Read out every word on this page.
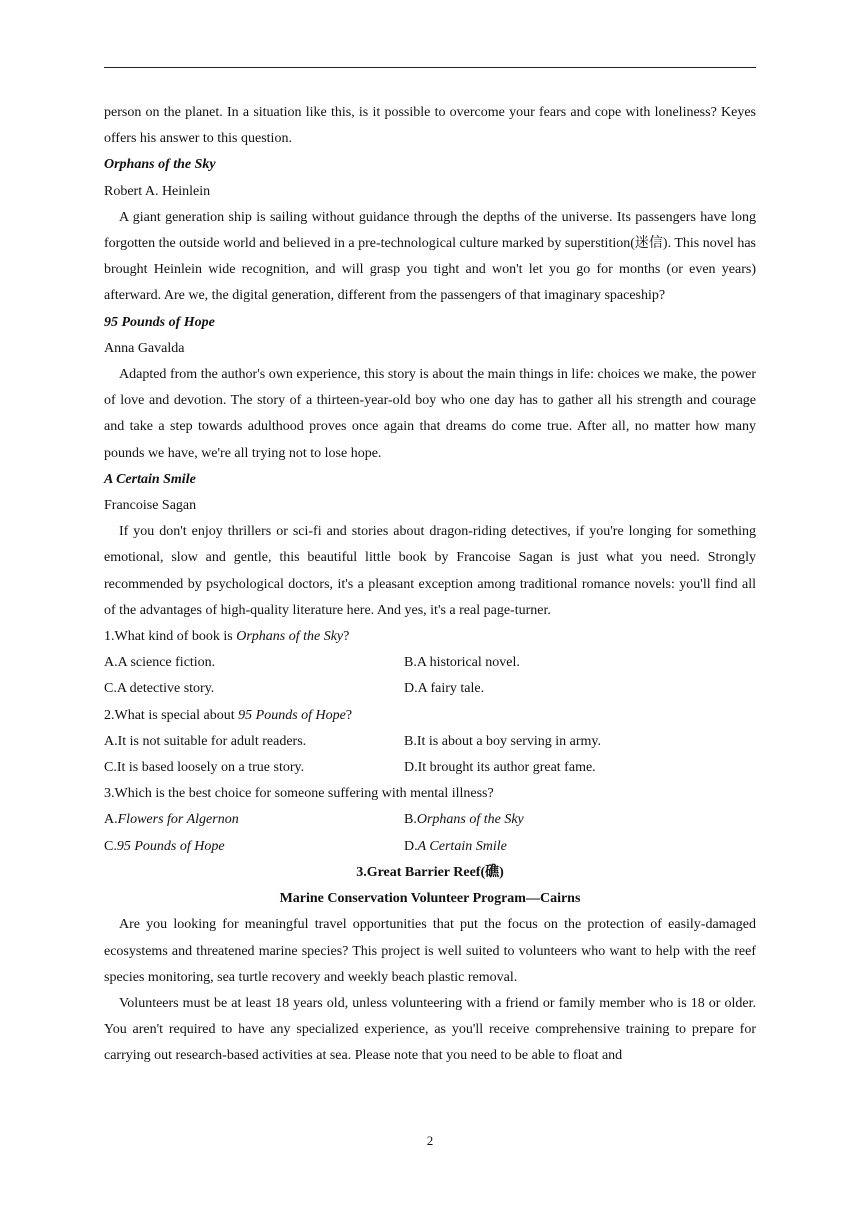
person on the planet. In a situation like this, is it possible to overcome your fears and cope with loneliness? Keyes offers his answer to this question.

Orphans of the Sky

Robert A. Heinlein

A giant generation ship is sailing without guidance through the depths of the universe. Its passengers have long forgotten the outside world and believed in a pre-technological culture marked by superstition(迷信). This novel has brought Heinlein wide recognition, and will grasp you tight and won't let you go for months (or even years) afterward. Are we, the digital generation, different from the passengers of that imaginary spaceship?

95 Pounds of Hope

Anna Gavalda

Adapted from the author's own experience, this story is about the main things in life: choices we make, the power of love and devotion. The story of a thirteen-year-old boy who one day has to gather all his strength and courage and take a step towards adulthood proves once again that dreams do come true. After all, no matter how many pounds we have, we're all trying not to lose hope.

A Certain Smile

Francoise Sagan

If you don't enjoy thrillers or sci-fi and stories about dragon-riding detectives, if you're longing for something emotional, slow and gentle, this beautiful little book by Francoise Sagan is just what you need. Strongly recommended by psychological doctors, it's a pleasant exception among traditional romance novels: you'll find all of the advantages of high-quality literature here. And yes, it's a real page-turner.

1.What kind of book is Orphans of the Sky?

A.A science fiction.	B.A historical novel.
C.A detective story.	D.A fairy tale.

2.What is special about 95 Pounds of Hope?

A.It is not suitable for adult readers.	B.It is about a boy serving in army.
C.It is based loosely on a true story.	D.It brought its author great fame.

3.Which is the best choice for someone suffering with mental illness?

A.Flowers for Algernon	B.Orphans of the Sky
C.95 Pounds of Hope	D.A Certain Smile

3.Great Barrier Reef(礁)

Marine Conservation Volunteer Program—Cairns

Are you looking for meaningful travel opportunities that put the focus on the protection of easily-damaged ecosystems and threatened marine species? This project is well suited to volunteers who want to help with the reef species monitoring, sea turtle recovery and weekly beach plastic removal.

Volunteers must be at least 18 years old, unless volunteering with a friend or family member who is 18 or older. You aren't required to have any specialized experience, as you'll receive comprehensive training to prepare for carrying out research-based activities at sea. Please note that you need to be able to float and

2
